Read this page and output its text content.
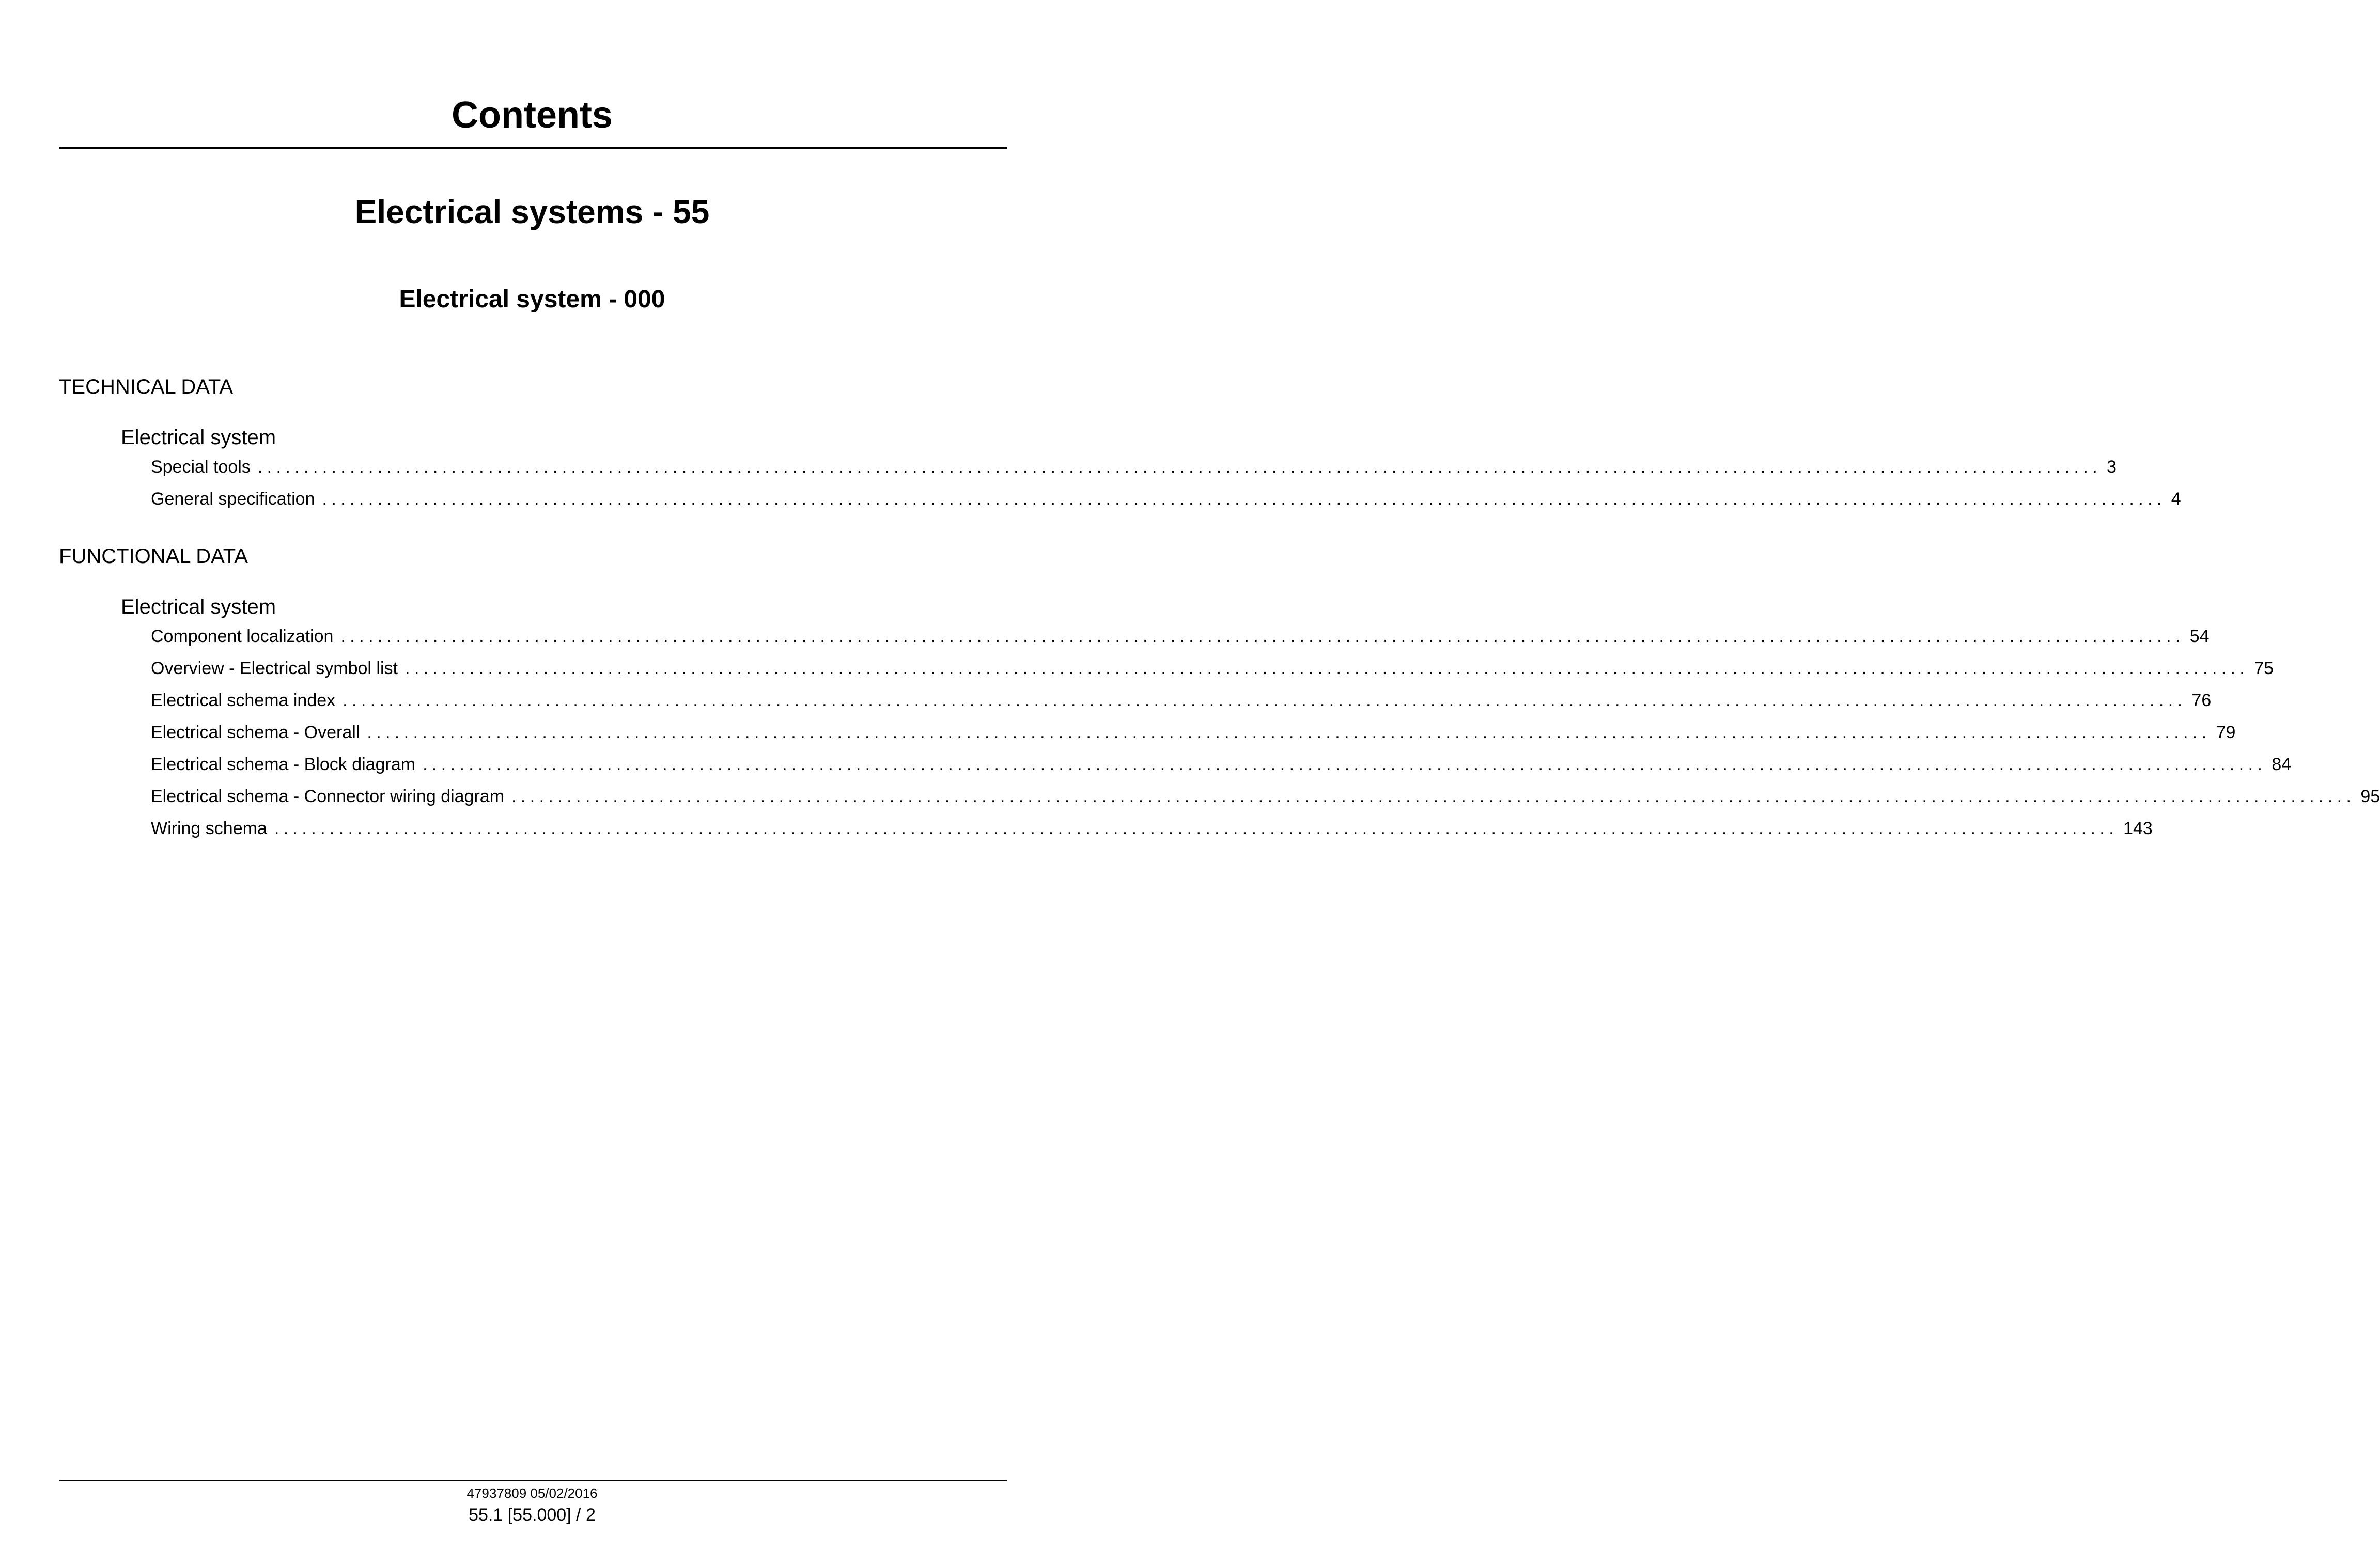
Contents
Electrical systems - 55
Electrical system - 000
TECHNICAL DATA
Electrical system
Special tools ........................................................................................................................................................................................................ 3
General specification ........................................................................................................................................................................................................ 4
FUNCTIONAL DATA
Electrical system
Component localization ........................................................................................................................................................................................................ 54
Overview - Electrical symbol list ........................................................................................................................................................................................................ 75
Electrical schema index ........................................................................................................................................................................................................ 76
Electrical schema - Overall ........................................................................................................................................................................................................ 79
Electrical schema - Block diagram ........................................................................................................................................................................................................ 84
Electrical schema - Connector wiring diagram ........................................................................................................................................................................................................ 95
Wiring schema ........................................................................................................................................................................................................ 143
47937809 05/02/2016
55.1 [55.000] / 2
